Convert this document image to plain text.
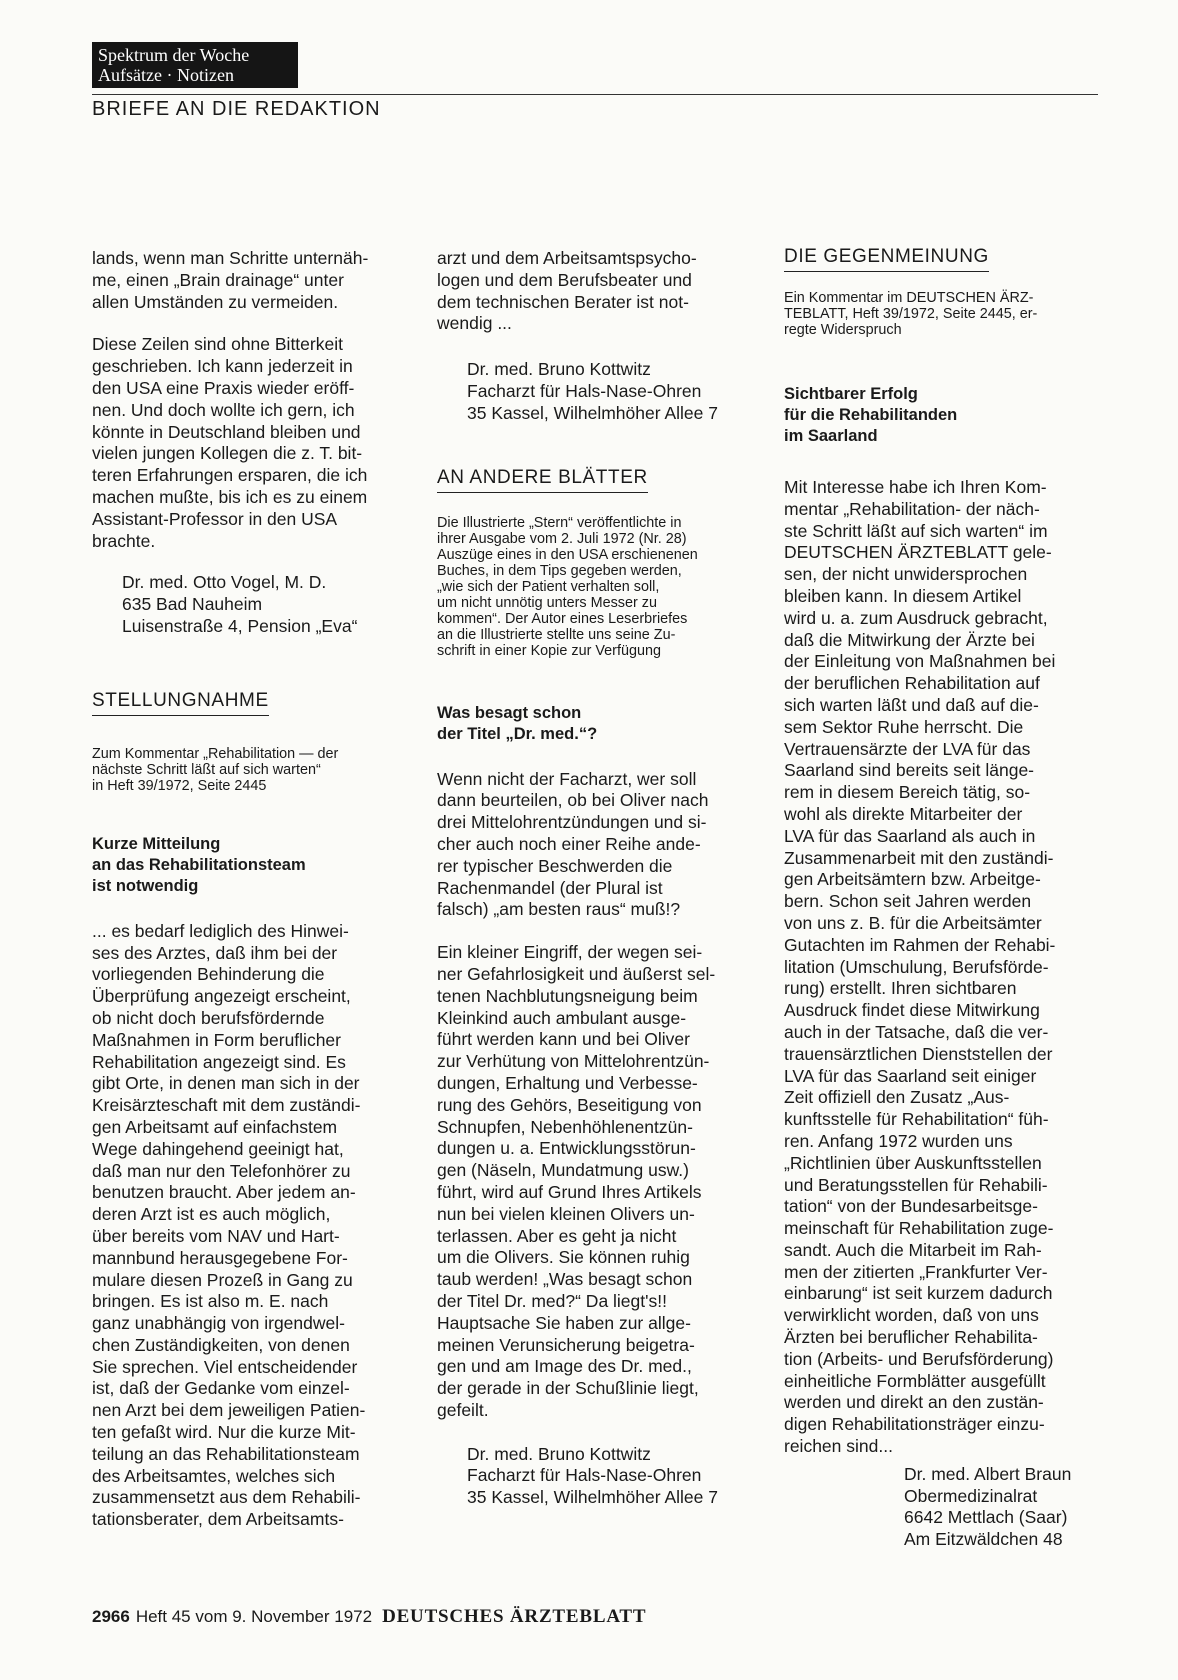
Spektrum der Woche
Aufsätze · Notizen
BRIEFE AN DIE REDAKTION

lands, wenn man Schritte unternäh-
me, einen „Brain drainage“ unter
allen Umständen zu vermeiden.

Diese Zeilen sind ohne Bitterkeit
geschrieben. Ich kann jederzeit in
den USA eine Praxis wieder eröff-
nen. Und doch wollte ich gern, ich
könnte in Deutschland bleiben und
vielen jungen Kollegen die z. T. bit-
teren Erfahrungen ersparen, die ich
machen mußte, bis ich es zu einem
Assistant-Professor in den USA
brachte.

Dr. med. Otto Vogel, M. D.
635 Bad Nauheim
Luisenstraße 4, Pension „Eva“
STELLUNGNAHME
Zum Kommentar „Rehabilitation — der
nächste Schritt läßt auf sich warten“
in Heft 39/1972, Seite 2445
Kurze Mitteilung
an das Rehabilitationsteam
ist notwendig

... es bedarf lediglich des Hinwei-
ses des Arztes, daß ihm bei der
vorliegenden Behinderung die
Überprüfung angezeigt erscheint,
ob nicht doch berufsfördernde
Maßnahmen in Form beruflicher
Rehabilitation angezeigt sind. Es
gibt Orte, in denen man sich in der
Kreisärzteschaft mit dem zuständi-
gen Arbeitsamt auf einfachstem
Wege dahingehend geeinigt hat,
daß man nur den Telefonhörer zu
benutzen braucht. Aber jedem an-
deren Arzt ist es auch möglich,
über bereits vom NAV und Hart-
mannbund herausgegebene For-
mulare diesen Prozeß in Gang zu
bringen. Es ist also m. E. nach
ganz unabhängig von irgendwel-
chen Zuständigkeiten, von denen
Sie sprechen. Viel entscheidender
ist, daß der Gedanke vom einzel-
nen Arzt bei dem jeweiligen Patien-
ten gefaßt wird. Nur die kurze Mit-
teilung an das Rehabilitationsteam
des Arbeitsamtes, welches sich
zusammensetzt aus dem Rehabili-
tationsberater, dem Arbeitsamts-

arzt und dem Arbeitsamtspsycho-
logen und dem Berufsbeater und
dem technischen Berater ist not-
wendig ...

Dr. med. Bruno Kottwitz
Facharzt für Hals-Nase-Ohren
35 Kassel, Wilhelmhöher Allee 7
AN ANDERE BLÄTTER
Die Illustrierte „Stern“ veröffentlichte in
ihrer Ausgabe vom 2. Juli 1972 (Nr. 28)
Auszüge eines in den USA erschienenen
Buches, in dem Tips gegeben werden,
„wie sich der Patient verhalten soll,
um nicht unnötig unters Messer zu
kommen“. Der Autor eines Leserbriefes
an die Illustrierte stellte uns seine Zu-
schrift in einer Kopie zur Verfügung
Was besagt schon
der Titel „Dr. med.“?

Wenn nicht der Facharzt, wer soll
dann beurteilen, ob bei Oliver nach
drei Mittelohrentzündungen und si-
cher auch noch einer Reihe ande-
rer typischer Beschwerden die
Rachenmandel (der Plural ist
falsch) „am besten raus“ muß!?

Ein kleiner Eingriff, der wegen sei-
ner Gefahrlosigkeit und äußerst sel-
tenen Nachblutungsneigung beim
Kleinkind auch ambulant ausge-
führt werden kann und bei Oliver
zur Verhütung von Mittelohrentzün-
dungen, Erhaltung und Verbesse-
rung des Gehörs, Beseitigung von
Schnupfen, Nebenhöhlenentzün-
dungen u. a. Entwicklungsstörun-
gen (Näseln, Mundatmung usw.)
führt, wird auf Grund Ihres Artikels
nun bei vielen kleinen Olivers un-
terlassen. Aber es geht ja nicht
um die Olivers. Sie können ruhig
taub werden! „Was besagt schon
der Titel Dr. med?“ Da liegt's!!
Hauptsache Sie haben zur allge-
meinen Verunsicherung beigetra-
gen und am Image des Dr. med.,
der gerade in der Schußlinie liegt,
gefeilt.

Dr. med. Bruno Kottwitz
Facharzt für Hals-Nase-Ohren
35 Kassel, Wilhelmhöher Allee 7
DIE GEGENMEINUNG
Ein Kommentar im DEUTSCHEN ÄRZ-
TEBLATT, Heft 39/1972, Seite 2445, er-
regte Widerspruch
Sichtbarer Erfolg
für die Rehabilitanden
im Saarland

Mit Interesse habe ich Ihren Kom-
mentar „Rehabilitation- der näch-
ste Schritt läßt auf sich warten“ im
DEUTSCHEN ÄRZTEBLATT gele-
sen, der nicht unwidersprochen
bleiben kann. In diesem Artikel
wird u. a. zum Ausdruck gebracht,
daß die Mitwirkung der Ärzte bei
der Einleitung von Maßnahmen bei
der beruflichen Rehabilitation auf
sich warten läßt und daß auf die-
sem Sektor Ruhe herrscht. Die
Vertrauensärzte der LVA für das
Saarland sind bereits seit länge-
rem in diesem Bereich tätig, so-
wohl als direkte Mitarbeiter der
LVA für das Saarland als auch in
Zusammenarbeit mit den zuständi-
gen Arbeitsämtern bzw. Arbeitge-
bern. Schon seit Jahren werden
von uns z. B. für die Arbeitsämter
Gutachten im Rahmen der Rehabi-
litation (Umschulung, Berufsförde-
rung) erstellt. Ihren sichtbaren
Ausdruck findet diese Mitwirkung
auch in der Tatsache, daß die ver-
trauensärztlichen Dienststellen der
LVA für das Saarland seit einiger
Zeit offiziell den Zusatz „Aus-
kunftsstelle für Rehabilitation“ füh-
ren. Anfang 1972 wurden uns
„Richtlinien über Auskunftsstellen
und Beratungsstellen für Rehabili-
tation“ von der Bundesarbeitsge-
meinschaft für Rehabilitation zuge-
sandt. Auch die Mitarbeit im Rah-
men der zitierten „Frankfurter Ver-
einbarung“ ist seit kurzem dadurch
verwirklicht worden, daß von uns
Ärzten bei beruflicher Rehabilita-
tion (Arbeits- und Berufsförderung)
einheitliche Formblätter ausgefüllt
werden und direkt an den zustän-
digen Rehabilitationsträger einzu-
reichen sind...

Dr. med. Albert Braun
Obermedizinalrat
6642 Mettlach (Saar)
Am Eitzwäldchen 48
2966 Heft 45 vom 9. November 1972 DEUTSCHES ÄRZTEBLATT
